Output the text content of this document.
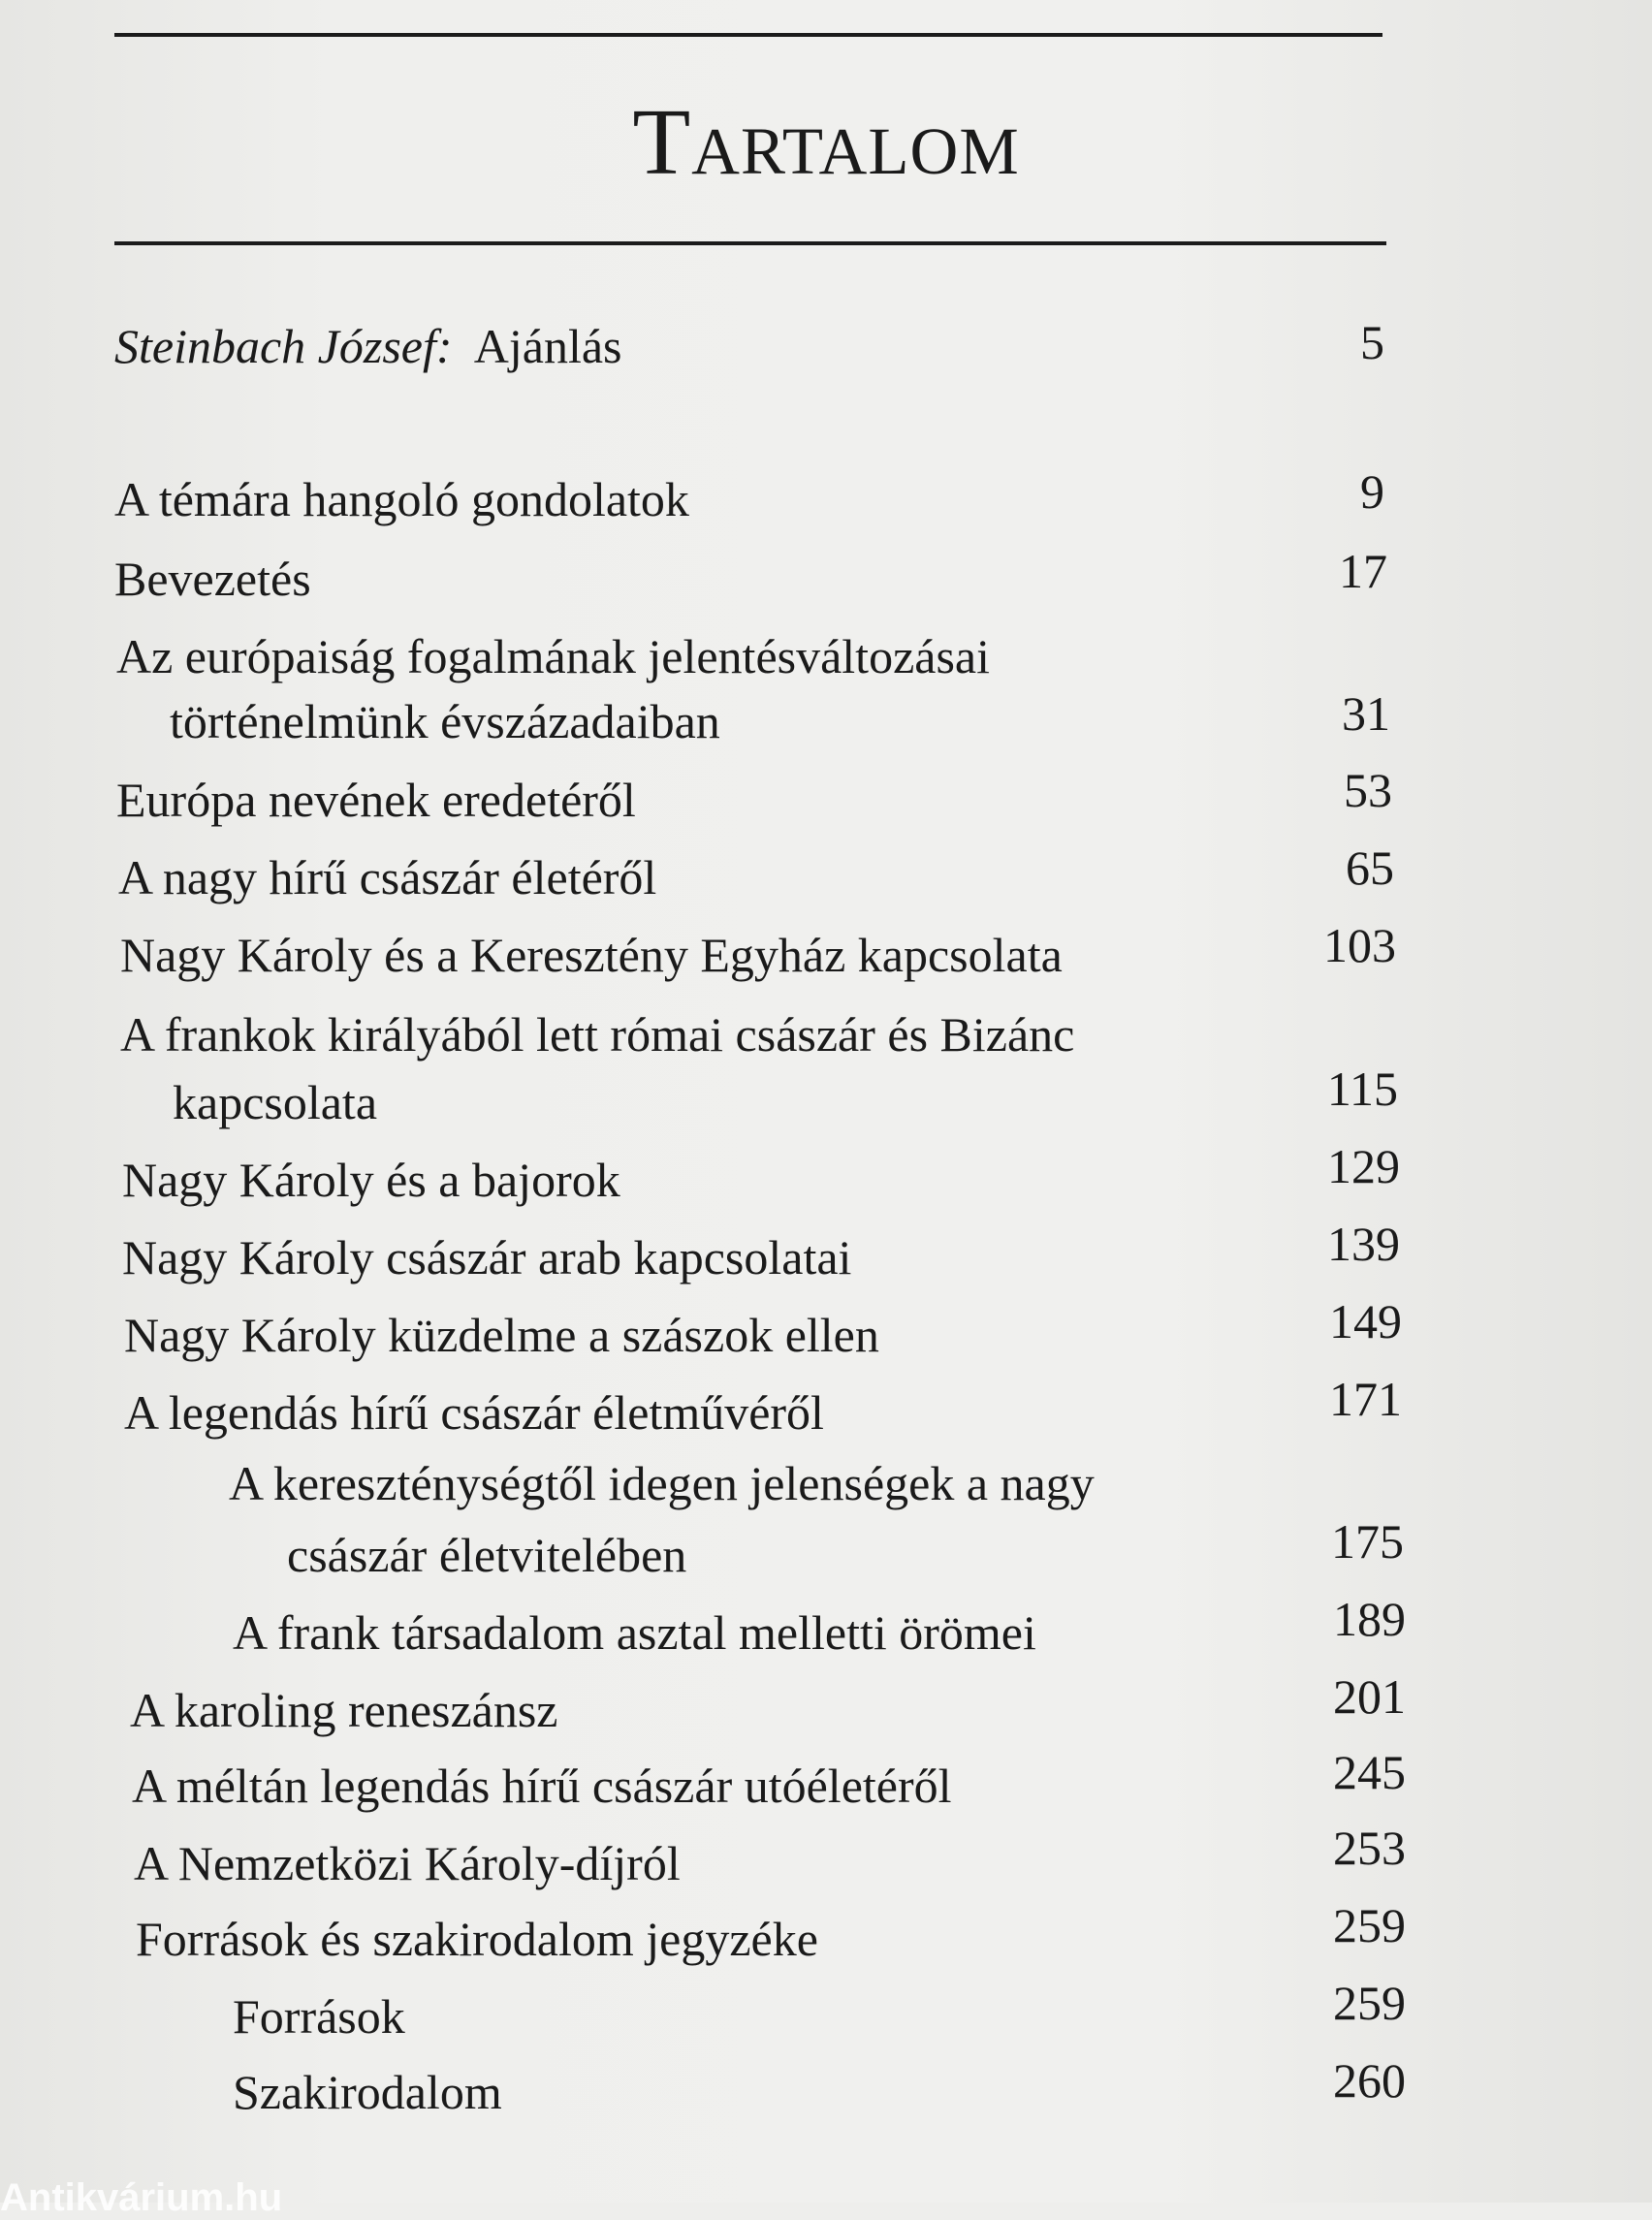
Tartalom
Steinbach József: Ajánlás	5
A témára hangoló gondolatok	9
Bevezetés	17
Az európaiság fogalmának jelentésváltozásai
történelmünk évszázadaiban	31
Európa nevének eredetéről	53
A nagy hírű császár életéről	65
Nagy Károly és a Keresztény Egyház kapcsolata	103
A frankok királyából lett római császár és Bizánc
kapcsolata	115
Nagy Károly és a bajorok	129
Nagy Károly császár arab kapcsolatai	139
Nagy Károly küzdelme a szászok ellen	149
A legendás hírű császár életművéről	171
A kereszténységtől idegen jelenségek a nagy
császár életvitelében	175
A frank társadalom asztal melletti örömei	189
A karoling reneszánsz	201
A méltán legendás hírű császár utóéletéről	245
A Nemzetközi Károly-díjról	253
Források és szakirodalom jegyzéke	259
Források	259
Szakirodalom	260
Antikvárium.hu
